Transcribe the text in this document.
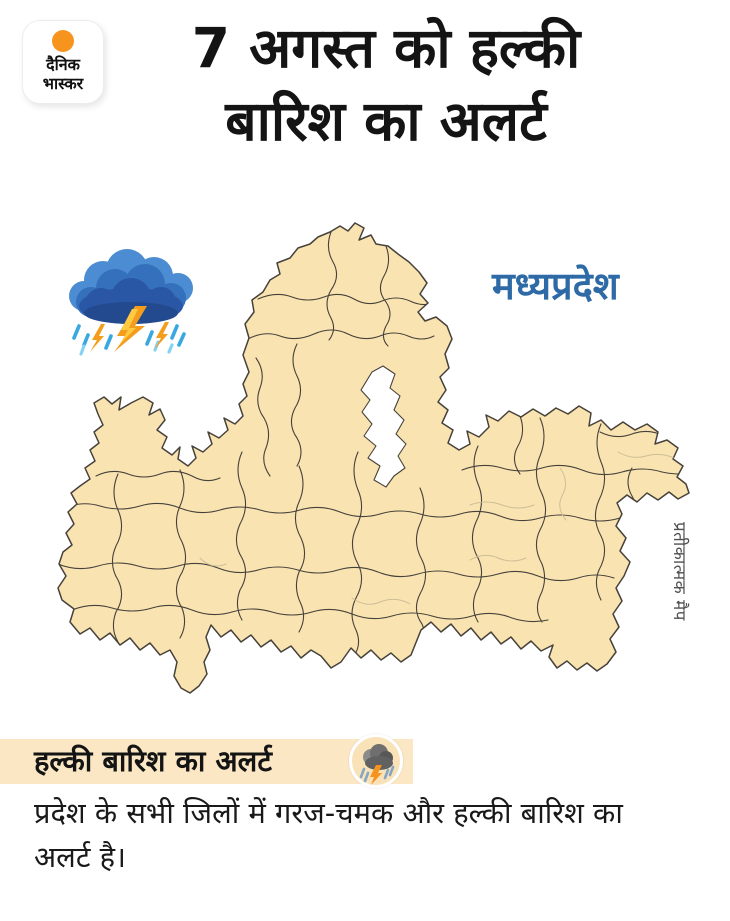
दैनिक
भास्कर
7 अगस्त को हल्की
बारिश का अलर्ट
मध्यप्रदेश
प्रतीकात्मक मैप
हल्की बारिश का अलर्ट

प्रदेश के सभी जिलों में गरज-चमक और हल्की बारिश का
अलर्ट है।
